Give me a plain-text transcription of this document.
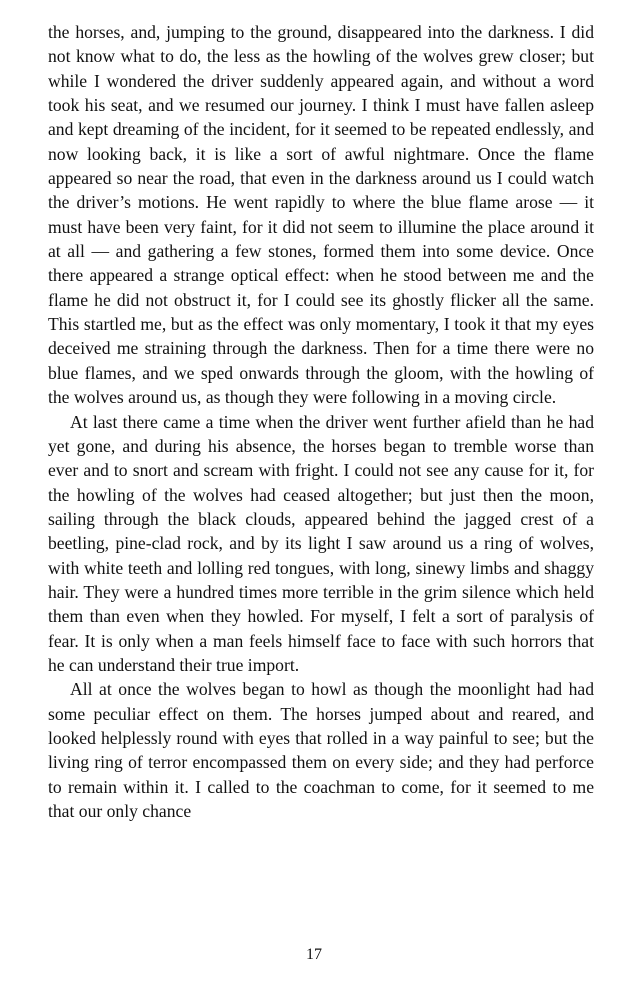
the horses, and, jumping to the ground, disappeared into the darkness. I did not know what to do, the less as the howling of the wolves grew closer; but while I wondered the driver suddenly appeared again, and without a word took his seat, and we resumed our journey. I think I must have fallen asleep and kept dreaming of the incident, for it seemed to be repeated endlessly, and now looking back, it is like a sort of awful nightmare. Once the flame appeared so near the road, that even in the darkness around us I could watch the driver’s motions. He went rapidly to where the blue flame arose — it must have been very faint, for it did not seem to illumine the place around it at all — and gathering a few stones, formed them into some device. Once there appeared a strange optical effect: when he stood between me and the flame he did not obstruct it, for I could see its ghostly flicker all the same. This startled me, but as the effect was only momentary, I took it that my eyes deceived me straining through the darkness. Then for a time there were no blue flames, and we sped onwards through the gloom, with the howling of the wolves around us, as though they were following in a moving circle.

At last there came a time when the driver went further afield than he had yet gone, and during his absence, the horses began to tremble worse than ever and to snort and scream with fright. I could not see any cause for it, for the howling of the wolves had ceased altogether; but just then the moon, sailing through the black clouds, appeared behind the jagged crest of a beetling, pine-clad rock, and by its light I saw around us a ring of wolves, with white teeth and lolling red tongues, with long, sinewy limbs and shaggy hair. They were a hundred times more terrible in the grim silence which held them than even when they howled. For myself, I felt a sort of paralysis of fear. It is only when a man feels himself face to face with such horrors that he can understand their true import.

All at once the wolves began to howl as though the moonlight had had some peculiar effect on them. The horses jumped about and reared, and looked helplessly round with eyes that rolled in a way painful to see; but the living ring of terror encompassed them on every side; and they had perforce to remain within it. I called to the coachman to come, for it seemed to me that our only chance

17
